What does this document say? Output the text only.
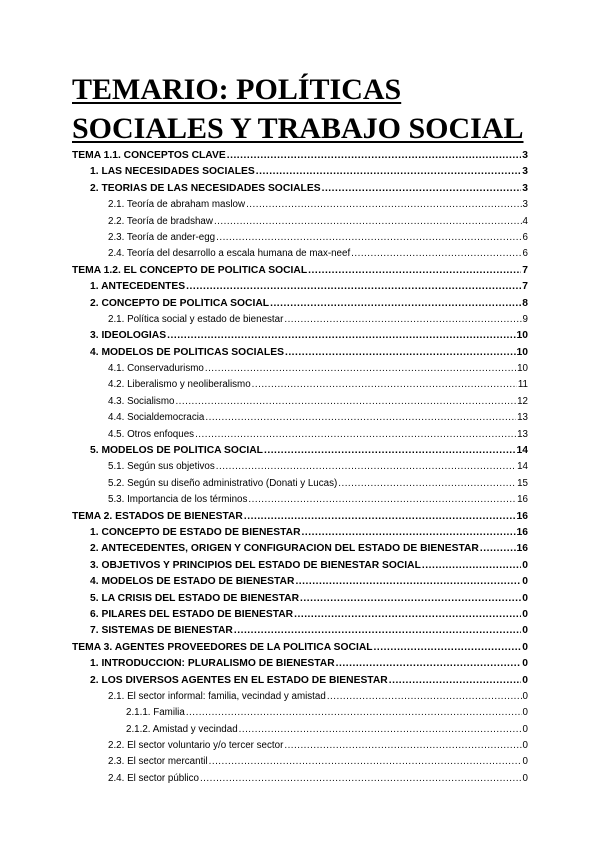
TEMARIO: POLÍTICAS SOCIALES Y TRABAJO SOCIAL
TEMA 1.1. CONCEPTOS CLAVE .....	3
1. LAS NECESIDADES SOCIALES .....	3
2. TEORÍAS DE LAS NECESIDADES SOCIALES .....	3
2.1. Teoría de abraham maslow .....	3
2.2. Teoría de bradshaw .....	4
2.3. Teoría de ander-egg .....	6
2.4. Teoría del desarrollo a escala humana de max-neef .....	6
TEMA 1.2. EL CONCEPTO DE POLÍTICA SOCIAL .....	7
1. ANTECEDENTES .....	7
2. CONCEPTO DE POLÍTICA SOCIAL .....	8
2.1. Política social y estado de bienestar .....	9
3. IDEOLOGÍAS .....	10
4. MODELOS DE POLÍTICAS SOCIALES .....	10
4.1. Conservadurismo .....	10
4.2. Liberalismo y neoliberalismo .....	11
4.3. Socialismo .....	12
4.4. Socialdemocracia .....	13
4.5. Otros enfoques .....	13
5. MODELOS DE POLÍTICA SOCIAL .....	14
5.1. Según sus objetivos .....	14
5.2. Según su diseño administrativo (Donati y Lucas) .....	15
5.3. Importancia de los términos .....	16
TEMA 2. ESTADOS DE BIENESTAR .....	16
1. CONCEPTO DE ESTADO DE BIENESTAR .....	16
2. ANTECEDENTES, ORIGEN Y CONFIGURACIÓN DEL ESTADO DE BIENESTAR .....	16
3. OBJETIVOS Y PRINCIPIOS DEL ESTADO DE BIENESTAR SOCIAL .....	0
4. MODELOS DE ESTADO DE BIENESTAR .....	0
5. LA CRISIS DEL ESTADO DE BIENESTAR .....	0
6. PILARES DEL ESTADO DE BIENESTAR .....	0
7. SISTEMAS DE BIENESTAR .....	0
TEMA 3. AGENTES PROVEEDORES DE LA POLÍTICA SOCIAL .....	0
1. INTRODUCCIÓN: PLURALISMO DE BIENESTAR .....	0
2. LOS DIVERSOS AGENTES EN EL ESTADO DE BIENESTAR .....	0
2.1. El sector informal: familia, vecindad y amistad .....	0
2.1.1. Familia .....	0
2.1.2. Amistad y vecindad .....	0
2.2. El sector voluntario y/o tercer sector .....	0
2.3. El sector mercantil .....	0
2.4. El sector público .....	0
